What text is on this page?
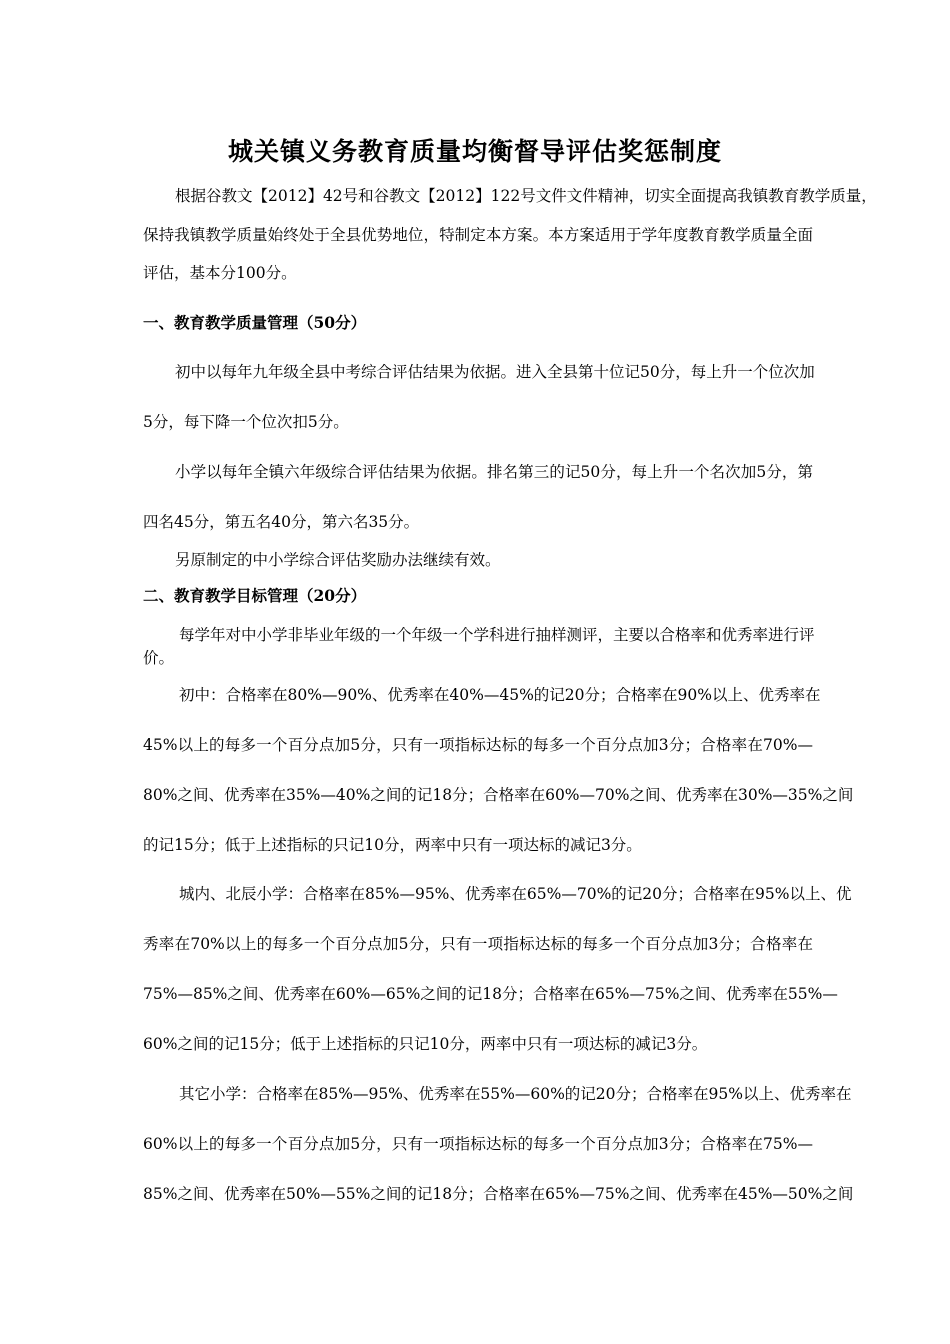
城关镇义务教育质量均衡督导评估奖惩制度
根据谷教文【2012】42号和谷教文【2012】122号文件文件精神，切实全面提高我镇教育教学质量，
保持我镇教学质量始终处于全县优势地位，特制定本方案。本方案适用于学年度教育教学质量全面
评估，基本分100分。
一、教育教学质量管理（50分）
初中以每年九年级全县中考综合评估结果为依据。进入全县第十位记50分，每上升一个位次加
5分，每下降一个位次扣5分。
小学以每年全镇六年级综合评估结果为依据。排名第三的记50分，每上升一个名次加5分，第
四名45分，第五名40分，第六名35分。
另原制定的中小学综合评估奖励办法继续有效。
二、教育教学目标管理（20分）
每学年对中小学非毕业年级的一个年级一个学科进行抽样测评，主要以合格率和优秀率进行评
价。
初中：合格率在80%—90%、优秀率在40%—45%的记20分；合格率在90%以上、优秀率在
45%以上的每多一个百分点加5分，只有一项指标达标的每多一个百分点加3分；合格率在70%—
80%之间、优秀率在35%—40%之间的记18分；合格率在60%—70%之间、优秀率在30%—35%之间
的记15分；低于上述指标的只记10分，两率中只有一项达标的减记3分。
城内、北辰小学：合格率在85%—95%、优秀率在65%—70%的记20分；合格率在95%以上、优
秀率在70%以上的每多一个百分点加5分，只有一项指标达标的每多一个百分点加3分；合格率在
75%—85%之间、优秀率在60%—65%之间的记18分；合格率在65%—75%之间、优秀率在55%—
60%之间的记15分；低于上述指标的只记10分，两率中只有一项达标的减记3分。
其它小学：合格率在85%—95%、优秀率在55%—60%的记20分；合格率在95%以上、优秀率在
60%以上的每多一个百分点加5分，只有一项指标达标的每多一个百分点加3分；合格率在75%—
85%之间、优秀率在50%—55%之间的记18分；合格率在65%—75%之间、优秀率在45%—50%之间
